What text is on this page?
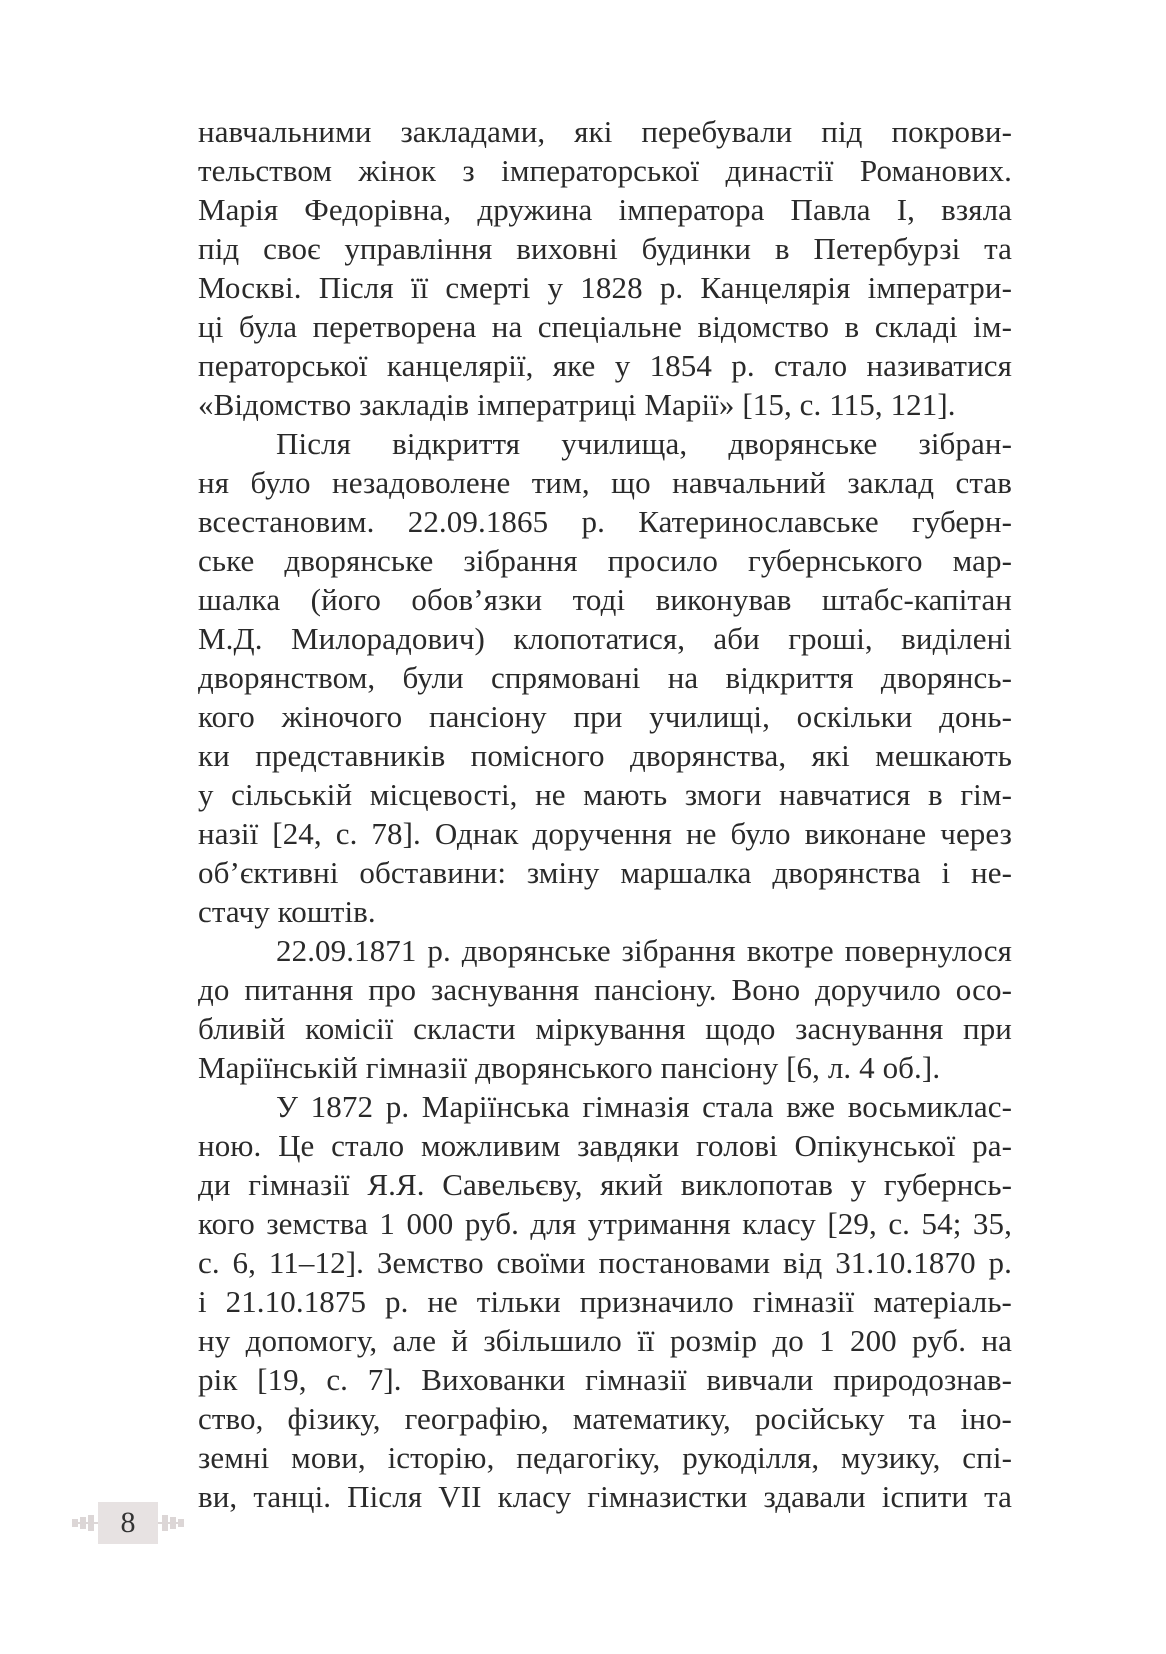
навчальними закладами, які перебували під покрови-
тельством жінок з імператорської династії Романових.
Марія Федорівна, дружина імператора Павла I, взяла
під своє управління виховні будинки в Петербурзі та
Москві. Після її смерті у 1828 р. Канцелярія імператри-
ці була перетворена на спеціальне відомство в складі ім-
ператорської канцелярії, яке у 1854 р. стало називатися
«Відомство закладів імператриці Марії» [15, с. 115, 121].
Після відкриття училища, дворянське зібран-
ня було незадоволене тим, що навчальний заклад став
всестановим. 22.09.1865 р. Катеринославське губерн-
ське дворянське зібрання просило губернського мар-
шалка (його обов’язки тоді виконував штабс-капітан
М.Д. Милорадович) клопотатися, аби гроші, виділені
дворянством, були спрямовані на відкриття дворянсь-
кого жіночого пансіону при училищі, оскільки донь-
ки представників помісного дворянства, які мешкають
у сільській місцевості, не мають змоги навчатися в гім-
назії [24, с. 78]. Однак доручення не було виконане через
об’єктивні обставини: зміну маршалка дворянства і не-
стачу коштів.
22.09.1871 р. дворянське зібрання вкотре повернулося
до питання про заснування пансіону. Воно доручило осо-
бливій комісії скласти міркування щодо заснування при
Маріїнській гімназії дворянського пансіону [6, л. 4 об.].
У 1872 р. Маріїнська гімназія стала вже восьмиклас-
ною. Це стало можливим завдяки голові Опікунської ра-
ди гімназії Я.Я. Савельєву, який виклопотав у губернсь-
кого земства 1 000 руб. для утримання класу [29, с. 54; 35,
с. 6, 11–12]. Земство своїми постановами від 31.10.1870 р.
і 21.10.1875 р. не тільки призначило гімназії матеріаль-
ну допомогу, але й збільшило її розмір до 1 200 руб. на
рік [19, с. 7]. Вихованки гімназії вивчали природознав-
ство, фізику, географію, математику, російську та іно-
земні мови, історію, педагогіку, рукоділля, музику, спі-
ви, танці. Після VII класу гімназистки здавали іспити та
8
